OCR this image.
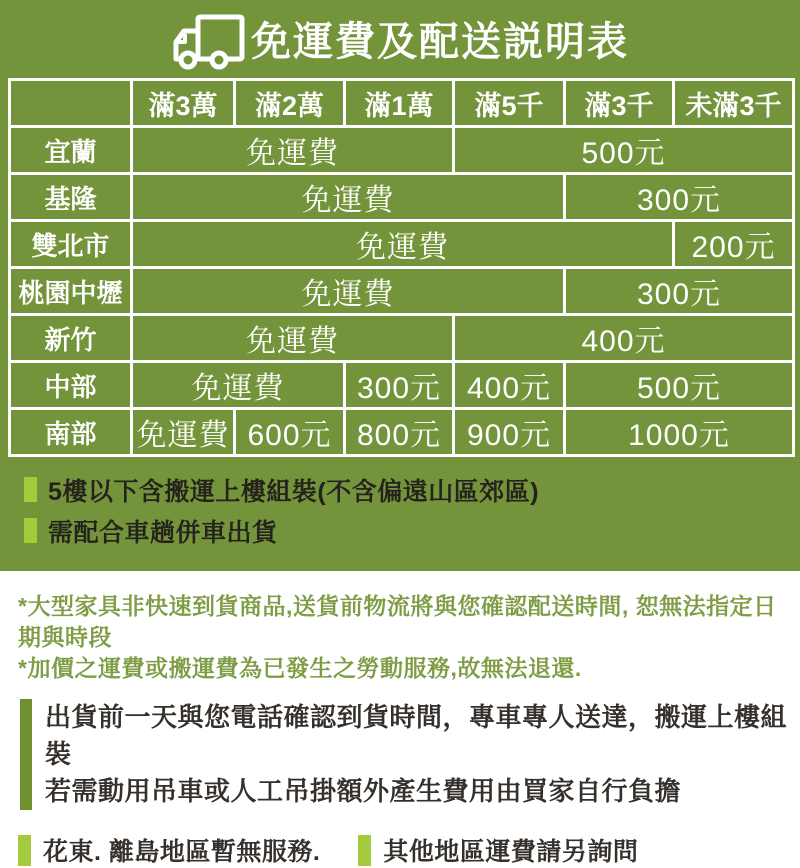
免運費及配送説明表
	滿3萬	滿2萬	滿1萬	滿5千	滿3千	未滿3千
宜蘭	免運費			500元		
基隆	免運費				300元	
雙北市	免運費					200元
桃園中壢	免運費				300元	
新竹	免運費			400元		
中部	免運費		300元	400元	500元	
南部	免運費	600元	800元	900元	1000元	
5樓以下含搬運上樓組裝(不含偏遠山區郊區)
需配合車趟併車出貨

*大型家具非快速到貨商品,送貨前物流將與您確認配送時間, 恕無法指定日期與時段

*加價之運費或搬運費為已發生之勞動服務,故無法退還.

出貨前一天與您電話確認到貨時間，專車專人送達，搬運上樓組裝

若需動用吊車或人工吊掛額外產生費用由買家自行負擔

花東. 離島地區暫無服務.	其他地區運費請另詢問
